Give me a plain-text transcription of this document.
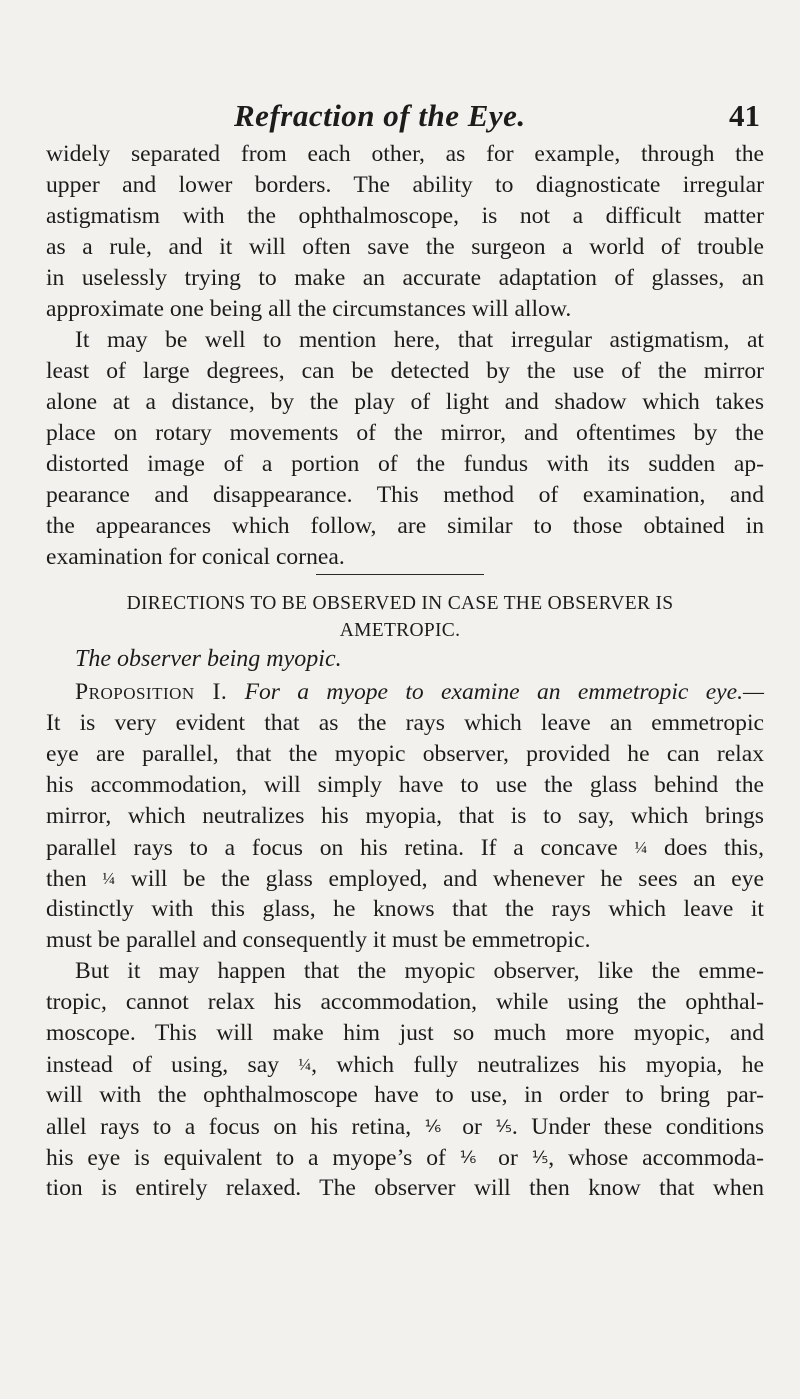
Refraction of the Eye.	41
widely separated from each other, as for example, through the
upper and lower borders. The ability to diagnosticate irregular
astigmatism with the ophthalmoscope, is not a difficult matter
as a rule, and it will often save the surgeon a world of trouble
in uselessly trying to make an accurate adaptation of glasses, an
approximate one being all the circumstances will allow.
It may be well to mention here, that irregular astigmatism, at
least of large degrees, can be detected by the use of the mirror
alone at a distance, by the play of light and shadow which takes
place on rotary movements of the mirror, and oftentimes by the
distorted image of a portion of the fundus with its sudden ap-
pearance and disappearance. This method of examination, and
the appearances which follow, are similar to those obtained in
examination for conical cornea.
DIRECTIONS TO BE OBSERVED IN CASE THE OBSERVER IS
AMETROPIC.
The observer being myopic.
Proposition I. For a myope to examine an emmetropic eye.—
It is very evident that as the rays which leave an emmetropic
eye are parallel, that the myopic observer, provided he can relax
his accommodation, will simply have to use the glass behind the
mirror, which neutralizes his myopia, that is to say, which brings
parallel rays to a focus on his retina. If a concave ¼ does this,
then ¼ will be the glass employed, and whenever he sees an eye
distinctly with this glass, he knows that the rays which leave it
must be parallel and consequently it must be emmetropic.
But it may happen that the myopic observer, like the emme-
tropic, cannot relax his accommodation, while using the ophthal-
moscope. This will make him just so much more myopic, and
instead of using, say ¼, which fully neutralizes his myopia, he
will with the ophthalmoscope have to use, in order to bring par-
allel rays to a focus on his retina, ⅙ or ⅕. Under these conditions
his eye is equivalent to a myope’s of ⅙ or ⅕, whose accommoda-
tion is entirely relaxed. The observer will then know that when
